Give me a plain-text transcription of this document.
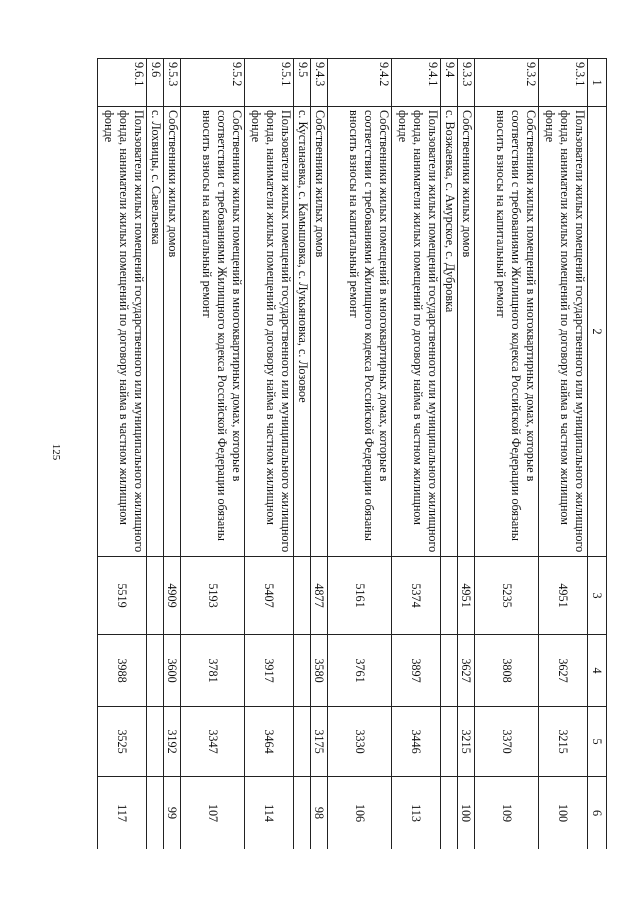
125
1	2	3	4	5	6
9.3.1	Пользователи жилых помещений государственного или муниципального жилищного фонда, наниматели жилых помещений по договору найма в частном жилищном фонде	4951	3627	3215	100
9.3.2	Собственники жилых помещений в многоквартирных домах, которые в соответствии с требованиями Жилищного кодекса Российской Федерации обязаны вносить взносы на капитальный ремонт	5235	3808	3370	109
9.3.3	Собственники жилых домов	4951	3627	3215	100
9.4	с. Возжаевка, с. Амурское, с. Дубровка				
9.4.1	Пользователи жилых помещений государственного или муниципального жилищного фонда, наниматели жилых помещений по договору найма в частном жилищном фонде	5374	3897	3446	113
9.4.2	Собственники жилых помещений в многоквартирных домах, которые в соответствии с требованиями Жилищного кодекса Российской Федерации обязаны вносить взносы на капитальный ремонт	5161	3761	3330	106
9.4.3	Собственники жилых домов	4877	3580	3175	98
9.5	с. Кустанаевка, с. Камышовка, с. Лукьяновка, с. Лозовое				
9.5.1	Пользователи жилых помещений государственного или муниципального жилищного фонда, наниматели жилых помещений по договору найма в частном жилищном фонде	5407	3917	3464	114
9.5.2	Собственники жилых помещений в многоквартирных домах, которые в соответствии с требованиями Жилищного кодекса Российской Федерации обязаны вносить взносы на капитальный ремонт	5193	3781	3347	107
9.5.3	Собственники жилых домов	4909	3600	3192	99
9.6	с. Лохвицы, с. Савельевка				
9.6.1	Пользователи жилых помещений государственного или муниципального жилищного фонда, наниматели жилых помещений по договору найма в частном жилищном фонде	5519	3988	3525	117
